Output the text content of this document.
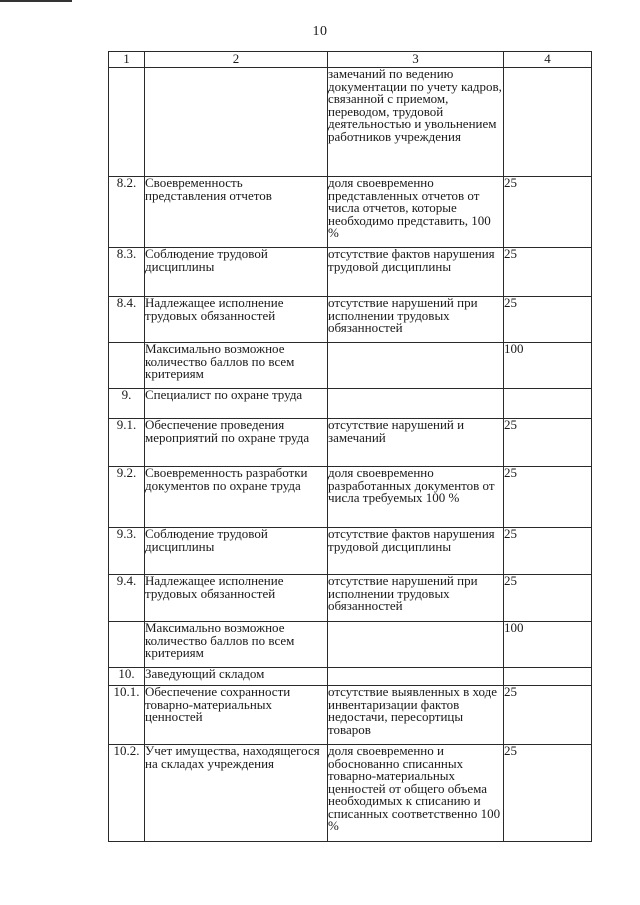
10
1	2	3	4
		замечаний по ведению документации по учету кадров, связанной с приемом, переводом, трудовой деятельностью и увольнением работников учреждения	
8.2.	Своевременность представления отчетов	доля своевременно представленных отчетов от числа отчетов, которые необходимо представить, 100 %	25
8.3.	Соблюдение трудовой дисциплины	отсутствие фактов нарушения трудовой дисциплины	25
8.4.	Надлежащее исполнение трудовых обязанностей	отсутствие нарушений при исполнении трудовых обязанностей	25
	Максимально возможное количество баллов по всем критериям		100
9.	Специалист по охране труда		
9.1.	Обеспечение проведения мероприятий по охране труда	отсутствие нарушений и замечаний	25
9.2.	Своевременность разработки документов по охране труда	доля своевременно разработанных документов от числа требуемых 100 %	25
9.3.	Соблюдение трудовой дисциплины	отсутствие фактов нарушения трудовой дисциплины	25
9.4.	Надлежащее исполнение трудовых обязанностей	отсутствие нарушений при исполнении трудовых обязанностей	25
	Максимально возможное количество баллов по всем критериям		100
10.	Заведующий складом		
10.1.	Обеспечение сохранности товарно-материальных ценностей	отсутствие выявленных в ходе инвентаризации фактов недостачи, пересортицы товаров	25
10.2.	Учет имущества, находящегося на складах учреждения	доля своевременно и обоснованно списанных товарно-материальных ценностей от общего объема необходимых к списанию и списанных соответственно 100 %	25
